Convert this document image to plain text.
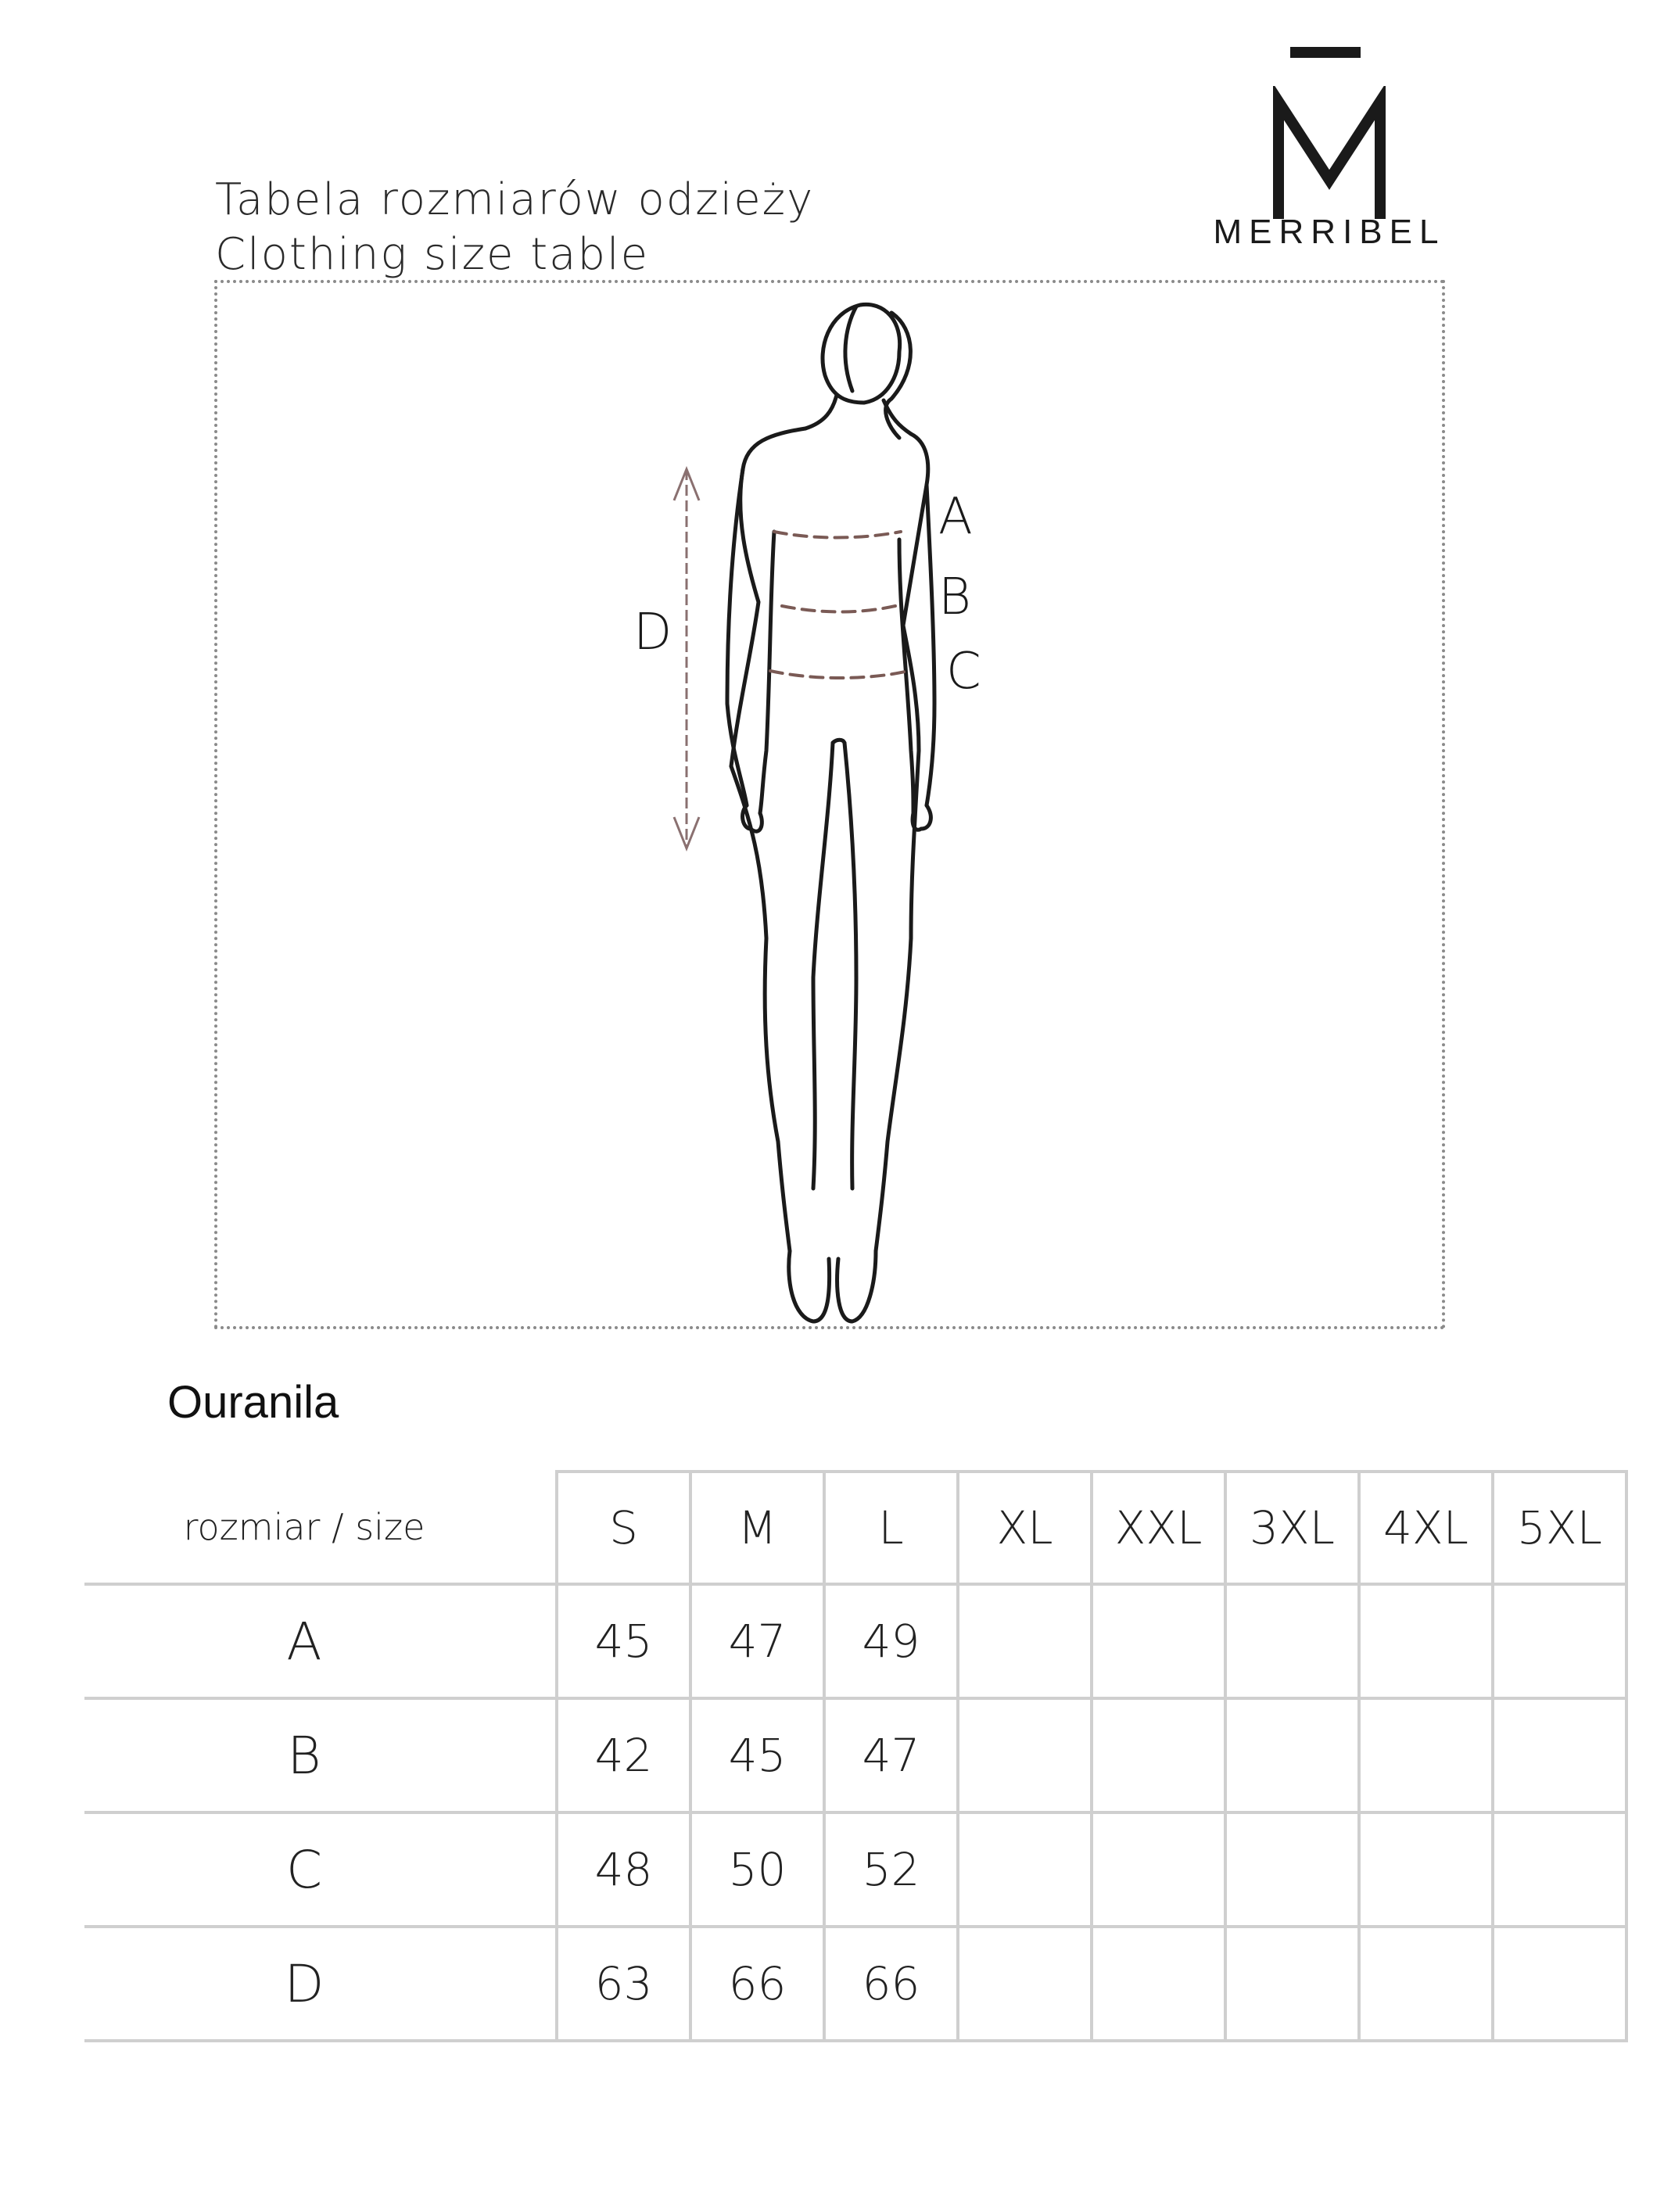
Tabela rozmiarów odzieży
Clothing size table	MERRIBEL
A
B
C
D
Ouranila
rozmiar / size	S	M	L	XL	XXL	3XL	4XL	5XL
A	45	47	49					
B	42	45	47					
C	48	50	52					
D	63	66	66					
